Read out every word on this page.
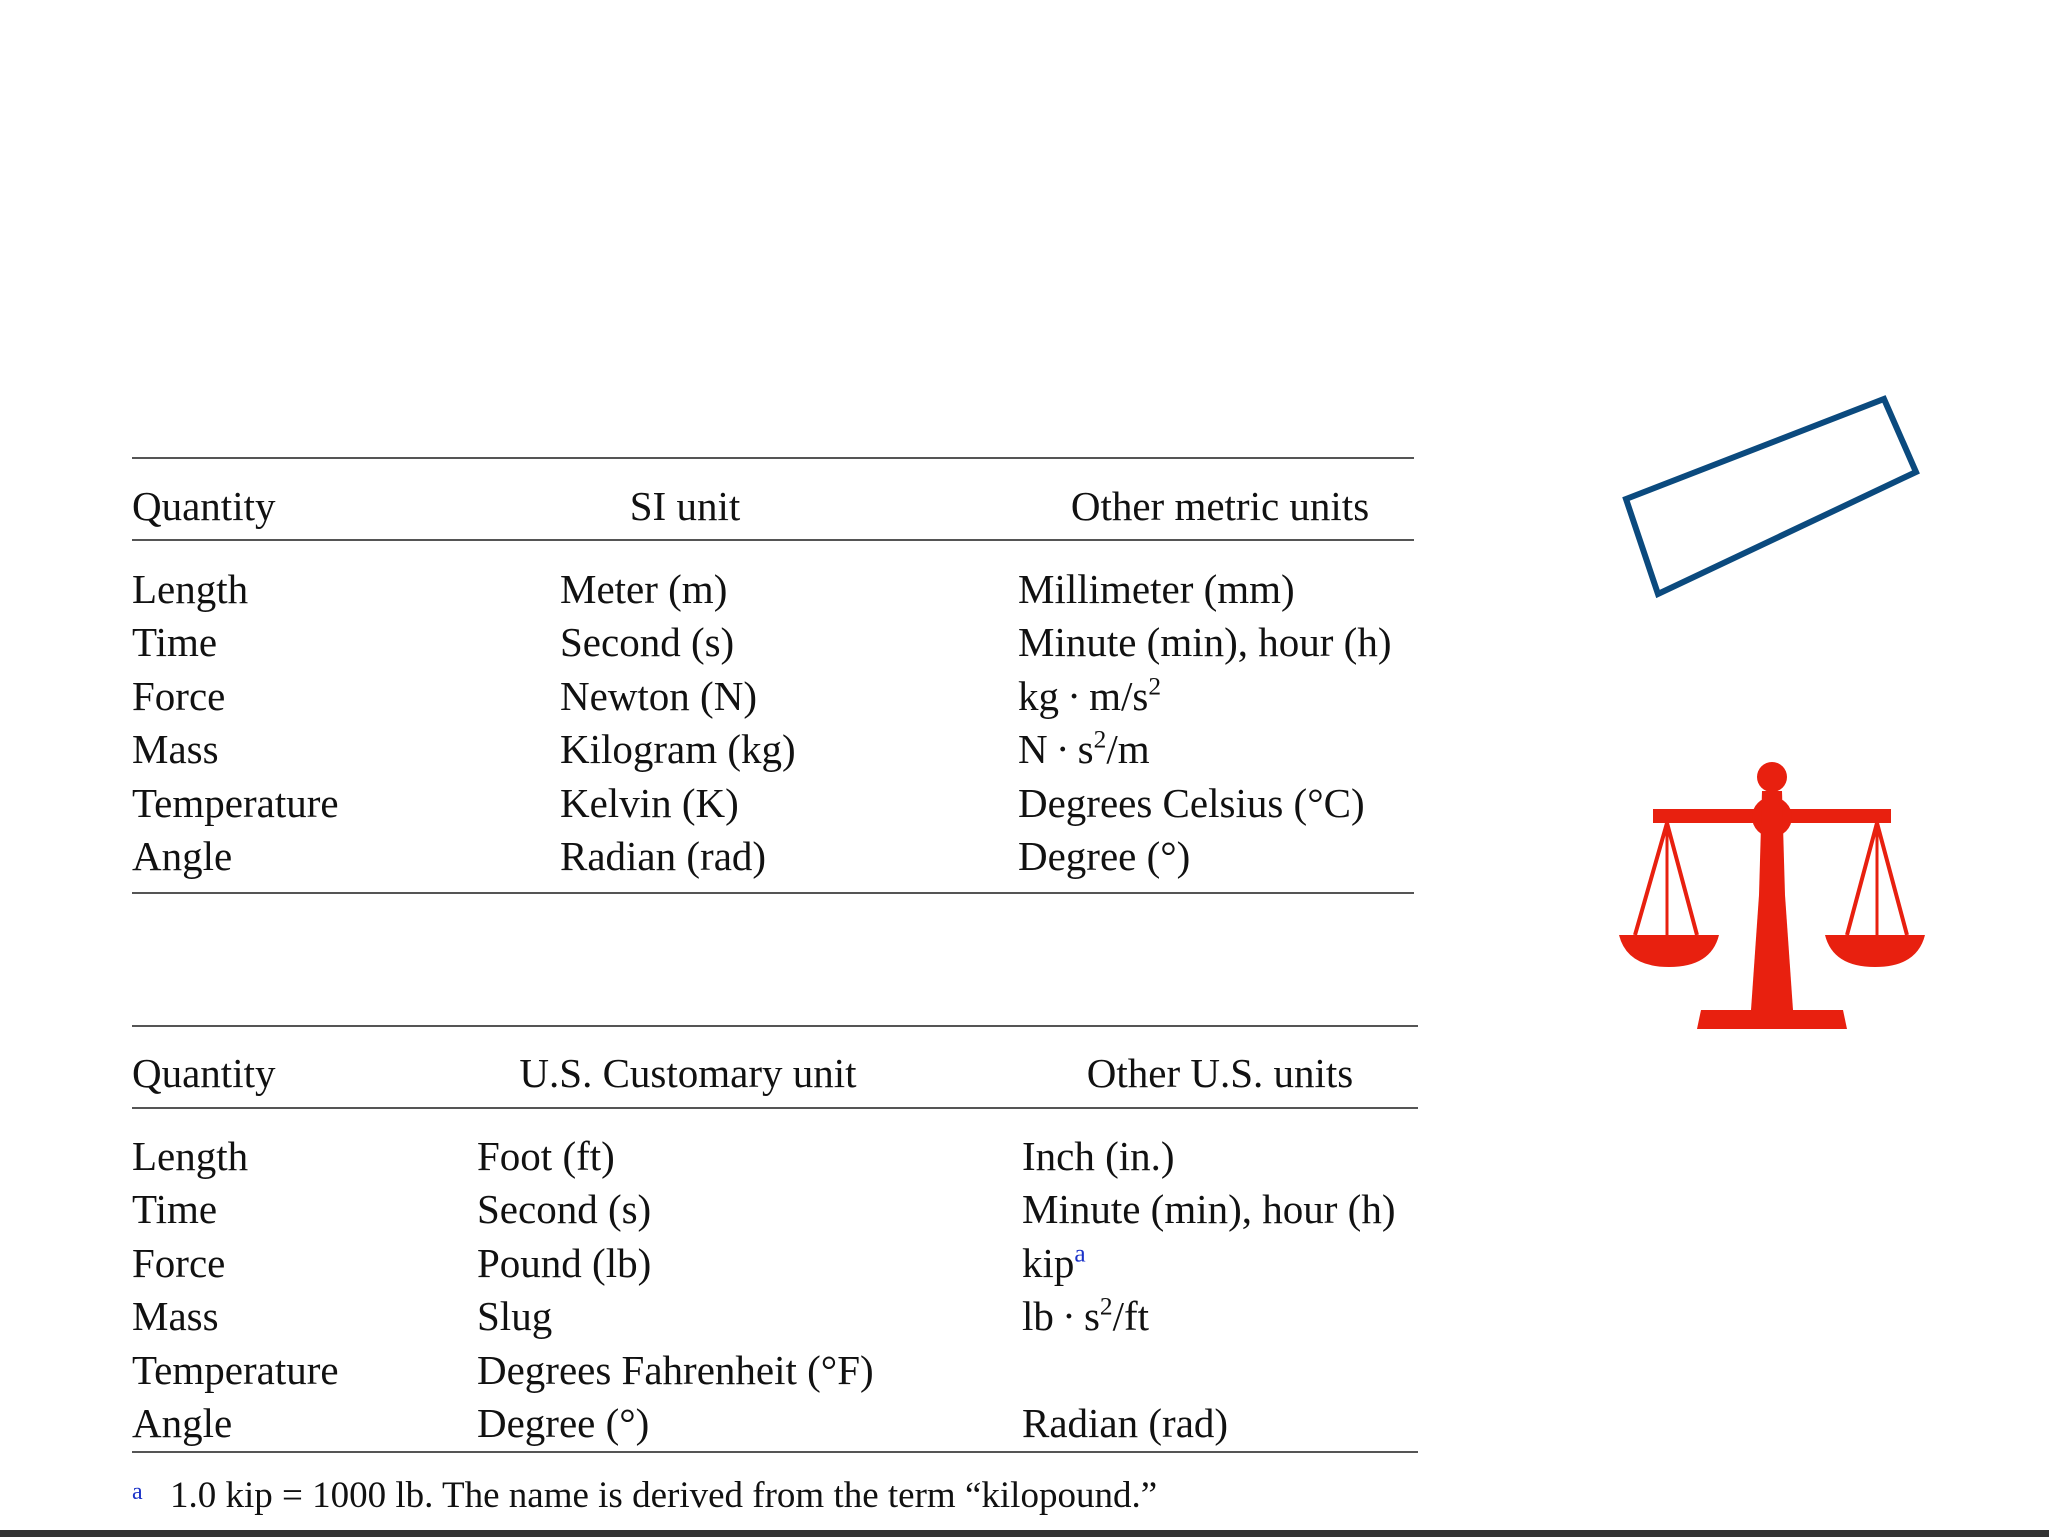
Quantity	SI unit	Other metric units
Length	Meter (m)	Millimeter (mm)
Time	Second (s)	Minute (min), hour (h)
Force	Newton (N)	kg · $m/s^2$
Mass	Kilogram (kg)	$N \cdot s^2/m$
Temperature	Kelvin (K)	Degrees Celsius (°C)
Angle	Radian (rad)	Degree (°)
Quantity	U.S. Customary unit	Other U.S. units
Length	Foot (ft)	Inch (in.)
Time	Second (s)	Minute (min), hour (h)
Force	Pound (lb)	kip$^a$
Mass	Slug	lb · $s^2/ft$
Temperature	Degrees Fahrenheit (°F)
Angle	Degree (°)	Radian (rad)
a 1.0 kip = 1000 lb. The name is derived from the term “kilopound.”
